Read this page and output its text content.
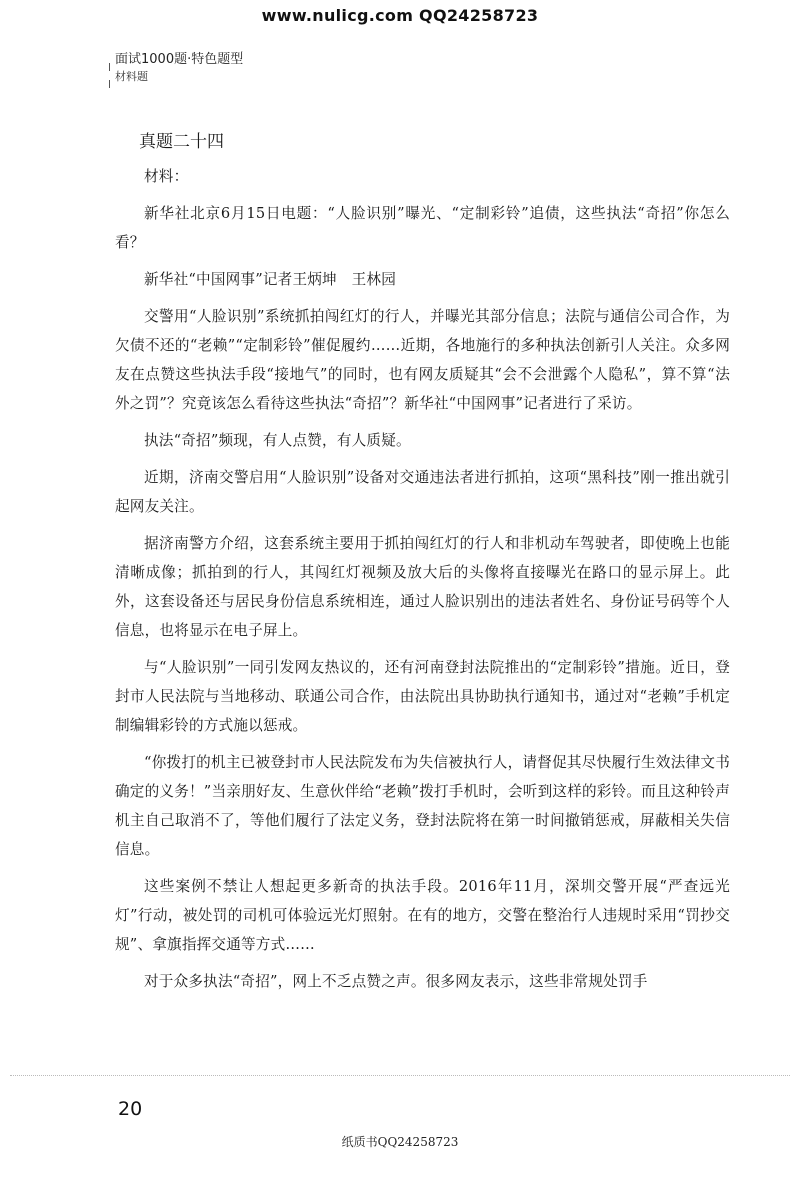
www.nulicg.com QQ24258723
面试1000题·特色题型
材料题
真题二十四

材料：

新华社北京6月15日电题：“人脸识别”曝光、“定制彩铃”追债，这些执法“奇招”你怎么看？

新华社“中国网事”记者王炳坤　王林园

交警用“人脸识别”系统抓拍闯红灯的行人，并曝光其部分信息；法院与通信公司合作，为欠债不还的“老赖”“定制彩铃”催促履约……近期，各地施行的多种执法创新引人关注。众多网友在点赞这些执法手段“接地气”的同时，也有网友质疑其“会不会泄露个人隐私”，算不算“法外之罚”？究竟该怎么看待这些执法“奇招”？新华社“中国网事”记者进行了采访。

执法“奇招”频现，有人点赞，有人质疑。

近期，济南交警启用“人脸识别”设备对交通违法者进行抓拍，这项“黑科技”刚一推出就引起网友关注。

据济南警方介绍，这套系统主要用于抓拍闯红灯的行人和非机动车驾驶者，即使晚上也能清晰成像；抓拍到的行人，其闯红灯视频及放大后的头像将直接曝光在路口的显示屏上。此外，这套设备还与居民身份信息系统相连，通过人脸识别出的违法者姓名、身份证号码等个人信息，也将显示在电子屏上。

与“人脸识别”一同引发网友热议的，还有河南登封法院推出的“定制彩铃”措施。近日，登封市人民法院与当地移动、联通公司合作，由法院出具协助执行通知书，通过对“老赖”手机定制编辑彩铃的方式施以惩戒。

“你拨打的机主已被登封市人民法院发布为失信被执行人，请督促其尽快履行生效法律文书确定的义务！”当亲朋好友、生意伙伴给“老赖”拨打手机时，会听到这样的彩铃。而且这种铃声机主自己取消不了，等他们履行了法定义务，登封法院将在第一时间撤销惩戒，屏蔽相关失信信息。

这些案例不禁让人想起更多新奇的执法手段。2016年11月，深圳交警开展“严查远光灯”行动，被处罚的司机可体验远光灯照射。在有的地方，交警在整治行人违规时采用“罚抄交规”、拿旗指挥交通等方式……

对于众多执法“奇招”，网上不乏点赞之声。很多网友表示，这些非常规处罚手

20
纸质书QQ24258723
